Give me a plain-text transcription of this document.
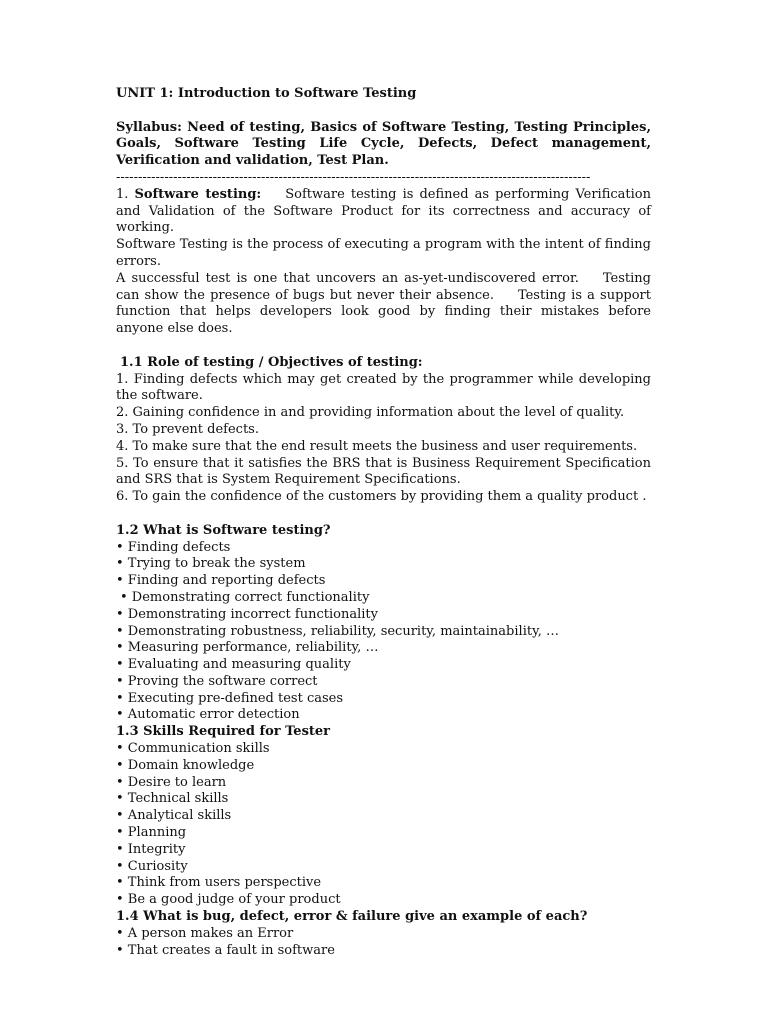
UNIT 1: Introduction to Software Testing

Syllabus: Need of testing, Basics of Software Testing, Testing Principles, Goals, Software Testing Life Cycle, Defects, Defect management, Verification and validation, Test Plan.

------------------------------------------------------------------------------------------------------------

1. Software testing: Software testing is defined as performing Verification and Validation of the Software Product for its correctness and accuracy of working.

Software Testing is the process of executing a program with the intent of finding errors.

A successful test is one that uncovers an as-yet-undiscovered error. Testing can show the presence of bugs but never their absence. Testing is a support function that helps developers look good by finding their mistakes before anyone else does.

1.1 Role of testing / Objectives of testing:

1. Finding defects which may get created by the programmer while developing the software.

2. Gaining confidence in and providing information about the level of quality.

3. To prevent defects.

4. To make sure that the end result meets the business and user requirements.

5. To ensure that it satisfies the BRS that is Business Requirement Specification and SRS that is System Requirement Specifications.

6. To gain the confidence of the customers by providing them a quality product .

1.2 What is Software testing?

• Finding defects

• Trying to break the system

• Finding and reporting defects

• Demonstrating correct functionality

• Demonstrating incorrect functionality

• Demonstrating robustness, reliability, security, maintainability, …

• Measuring performance, reliability, …

• Evaluating and measuring quality

• Proving the software correct

• Executing pre-defined test cases

• Automatic error detection

1.3 Skills Required for Tester

• Communication skills

• Domain knowledge

• Desire to learn

• Technical skills

• Analytical skills

• Planning

• Integrity

• Curiosity

• Think from users perspective

• Be a good judge of your product

1.4 What is bug, defect, error & failure give an example of each?

• A person makes an Error

• That creates a fault in software
